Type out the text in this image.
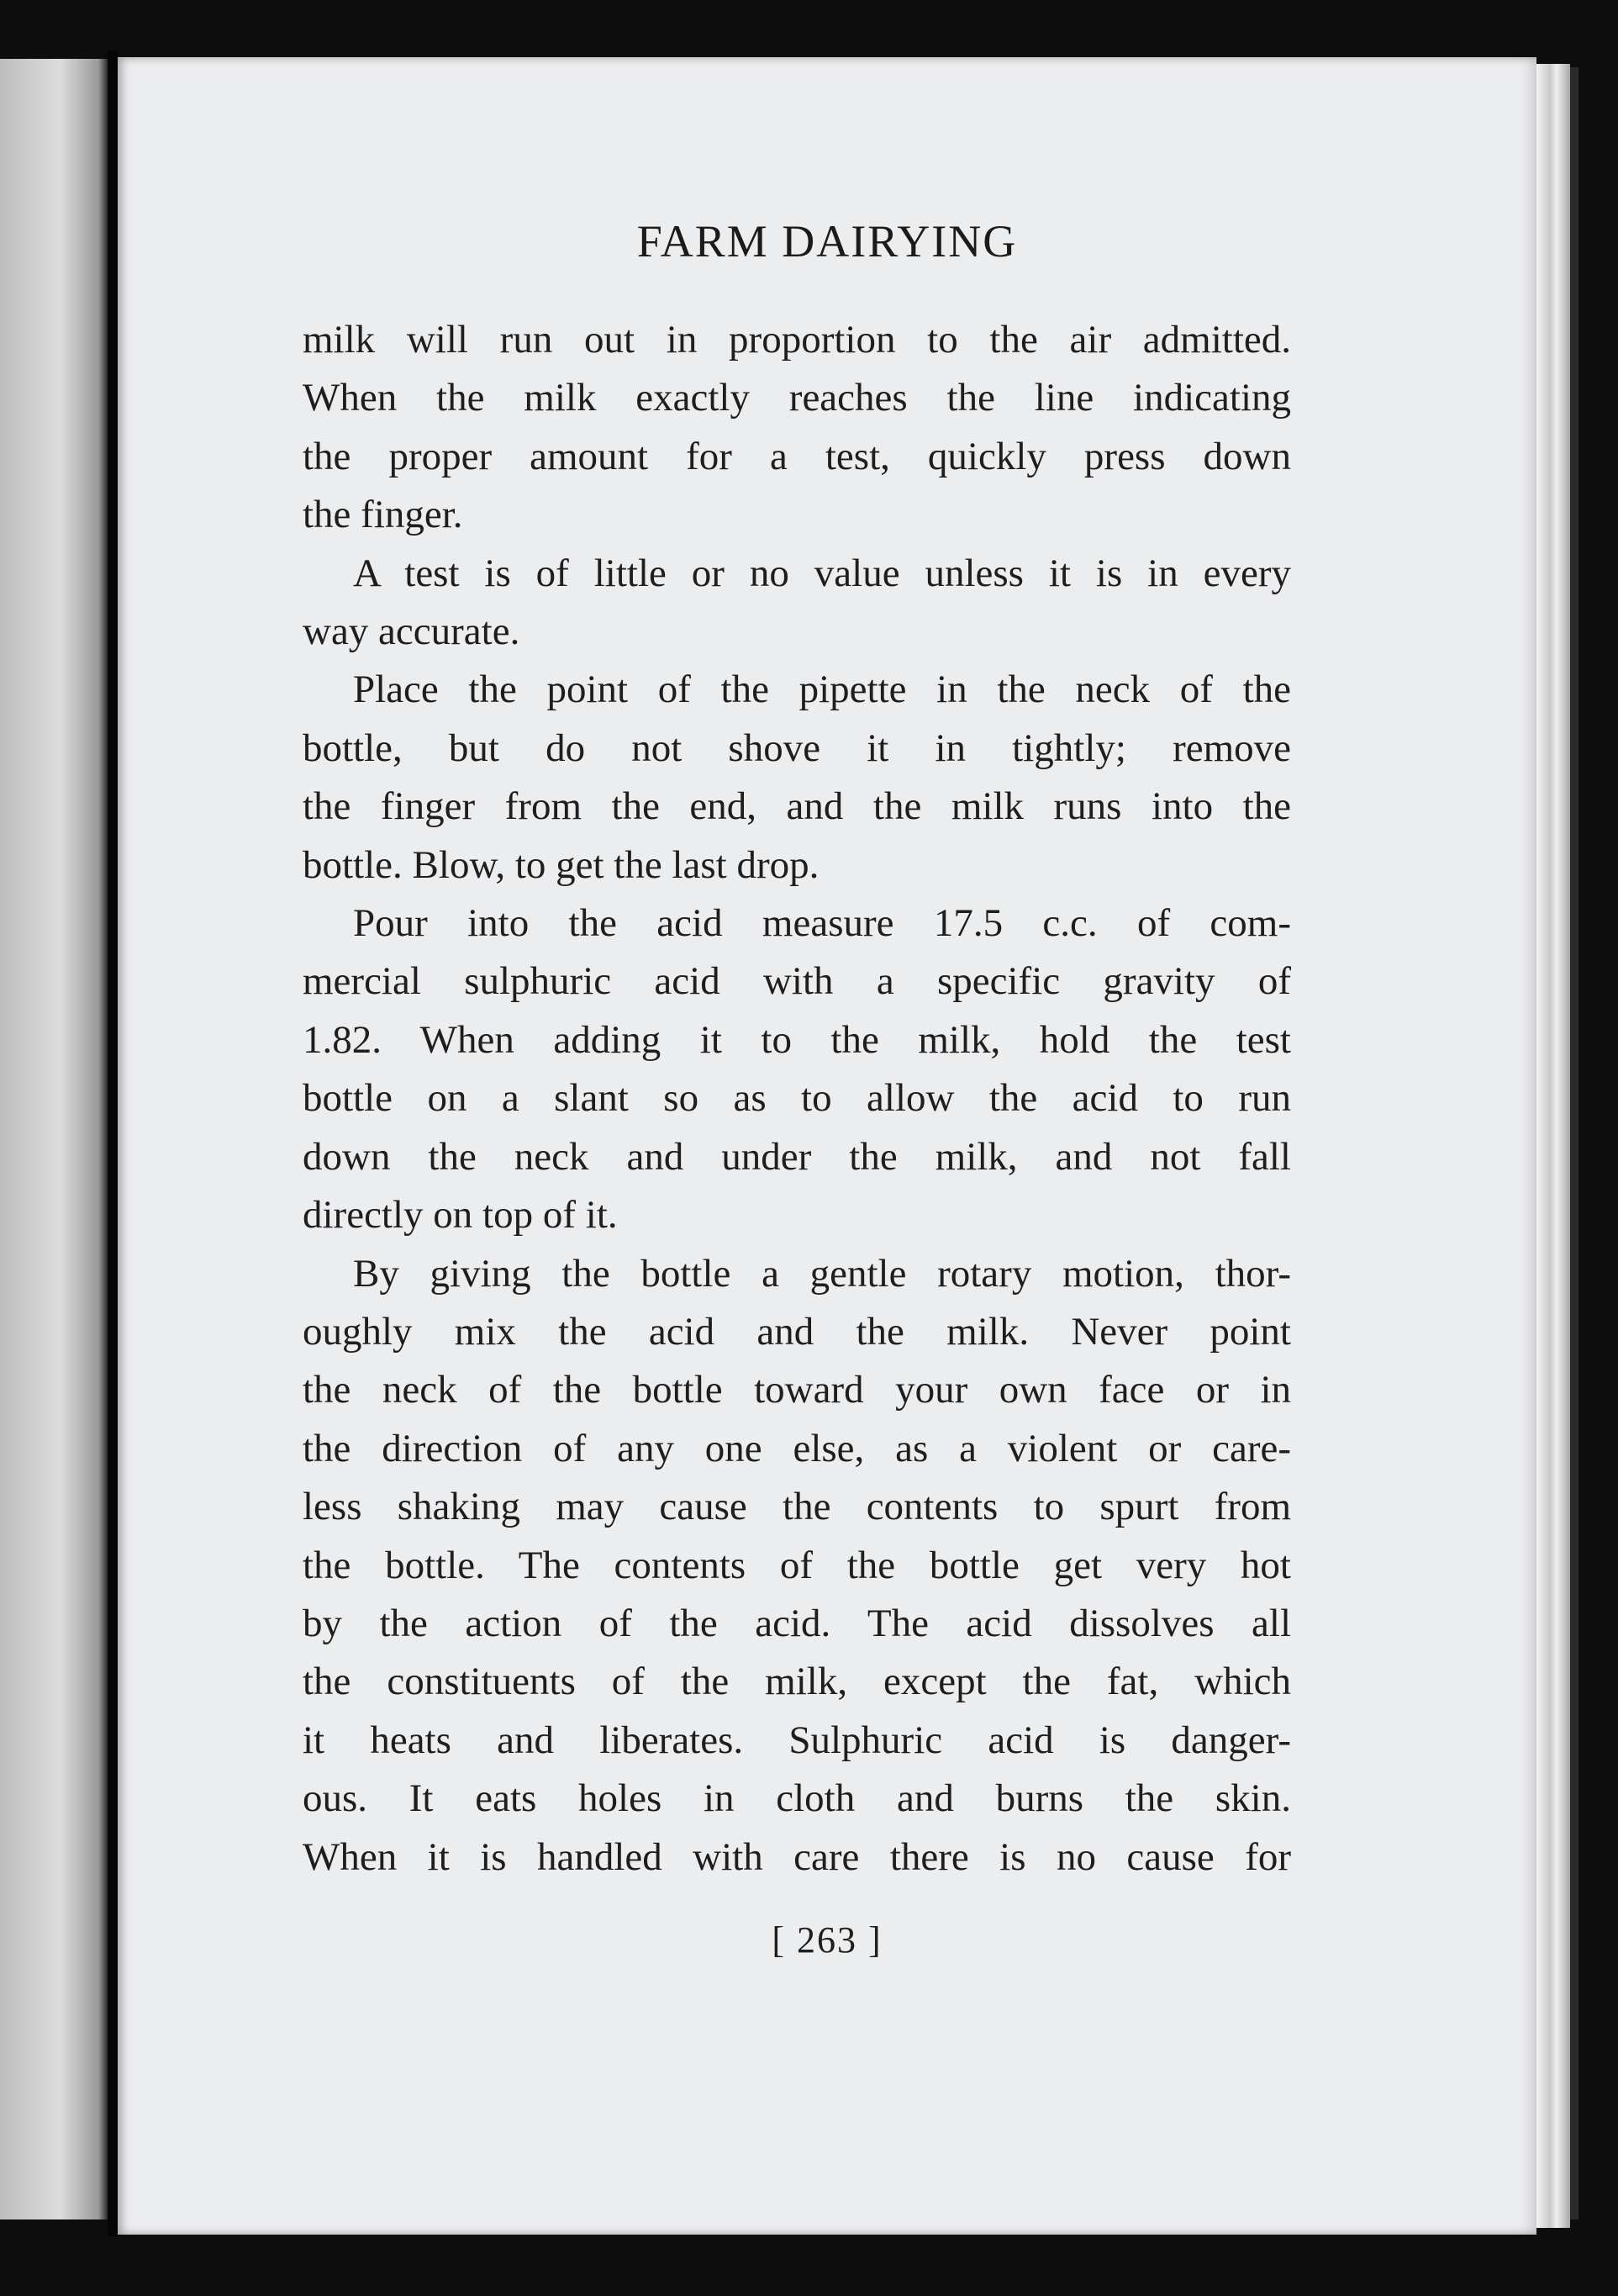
FARM DAIRYING

milk will run out in proportion to the air admitted.
When the milk exactly reaches the line indicating
the proper amount for a test, quickly press down
the finger.

A test is of little or no value unless it is in every
way accurate.

Place the point of the pipette in the neck of the
bottle, but do not shove it in tightly; remove
the finger from the end, and the milk runs into the
bottle. Blow, to get the last drop.

Pour into the acid measure 17.5 c.c. of com-
mercial sulphuric acid with a specific gravity of
1.82. When adding it to the milk, hold the test
bottle on a slant so as to allow the acid to run
down the neck and under the milk, and not fall
directly on top of it.

By giving the bottle a gentle rotary motion, thor-
oughly mix the acid and the milk. Never point
the neck of the bottle toward your own face or in
the direction of any one else, as a violent or care-
less shaking may cause the contents to spurt from
the bottle. The contents of the bottle get very hot
by the action of the acid. The acid dissolves all
the constituents of the milk, except the fat, which
it heats and liberates. Sulphuric acid is danger-
ous. It eats holes in cloth and burns the skin.
When it is handled with care there is no cause for

[ 263 ]
